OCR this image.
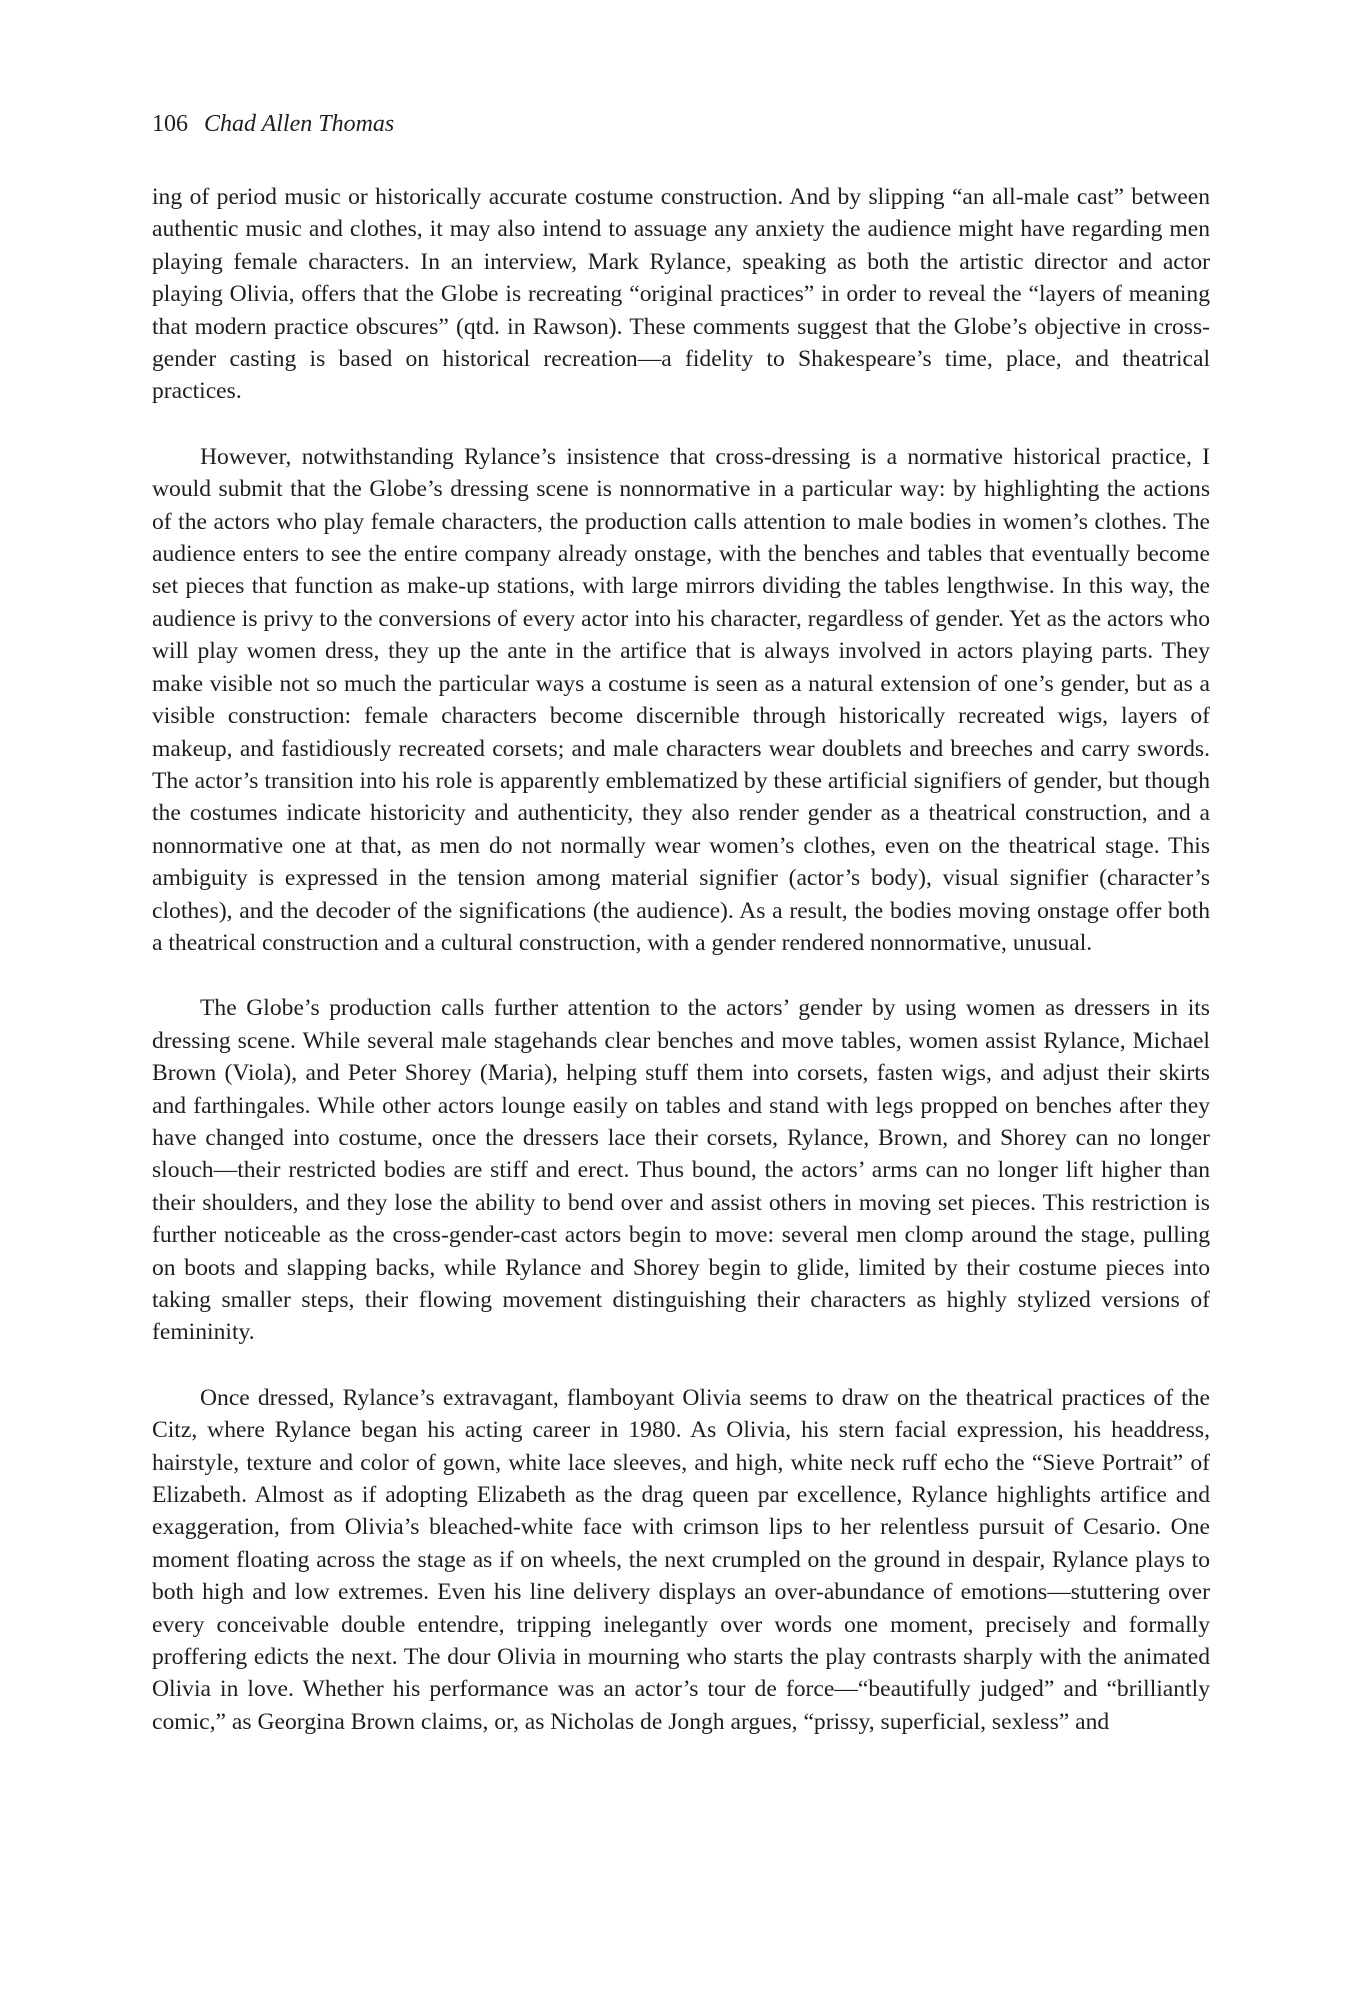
106 Chad Allen Thomas

ing of period music or historically accurate costume construction. And by slipping “an all-male cast” between authentic music and clothes, it may also intend to assuage any anxiety the audience might have regarding men playing female characters. In an interview, Mark Rylance, speaking as both the artistic director and actor playing Olivia, offers that the Globe is recreating “original practices” in order to reveal the “layers of meaning that modern practice obscures” (qtd. in Rawson). These comments suggest that the Globe’s objective in cross-gender casting is based on historical recreation—a fidelity to Shakespeare’s time, place, and theatrical practices.

However, notwithstanding Rylance’s insistence that cross-dressing is a normative historical practice, I would submit that the Globe’s dressing scene is nonnormative in a particular way: by highlighting the actions of the actors who play female characters, the production calls attention to male bodies in women’s clothes. The audience enters to see the entire company already onstage, with the benches and tables that eventually become set pieces that function as make-up stations, with large mirrors dividing the tables lengthwise. In this way, the audience is privy to the conversions of every actor into his character, regardless of gender. Yet as the actors who will play women dress, they up the ante in the artifice that is always involved in actors playing parts. They make visible not so much the particular ways a costume is seen as a natural extension of one’s gender, but as a visible construction: female characters become discernible through historically recreated wigs, layers of makeup, and fastidiously recreated corsets; and male characters wear doublets and breeches and carry swords. The actor’s transition into his role is apparently emblematized by these artificial signifiers of gender, but though the costumes indicate historicity and authenticity, they also render gender as a theatrical construction, and a nonnormative one at that, as men do not normally wear women’s clothes, even on the theatrical stage. This ambiguity is expressed in the tension among material signifier (actor’s body), visual signifier (character’s clothes), and the decoder of the significations (the audience). As a result, the bodies moving onstage offer both a theatrical construction and a cultural construction, with a gender rendered nonnormative, unusual.

The Globe’s production calls further attention to the actors’ gender by using women as dressers in its dressing scene. While several male stagehands clear benches and move tables, women assist Rylance, Michael Brown (Viola), and Peter Shorey (Maria), helping stuff them into corsets, fasten wigs, and adjust their skirts and farthingales. While other actors lounge easily on tables and stand with legs propped on benches after they have changed into costume, once the dressers lace their corsets, Rylance, Brown, and Shorey can no longer slouch—their restricted bodies are stiff and erect. Thus bound, the actors’ arms can no longer lift higher than their shoulders, and they lose the ability to bend over and assist others in moving set pieces. This restriction is further noticeable as the cross-gender-cast actors begin to move: several men clomp around the stage, pulling on boots and slapping backs, while Rylance and Shorey begin to glide, limited by their costume pieces into taking smaller steps, their flowing movement distinguishing their characters as highly stylized versions of femininity.

Once dressed, Rylance’s extravagant, flamboyant Olivia seems to draw on the theatrical practices of the Citz, where Rylance began his acting career in 1980. As Olivia, his stern facial expression, his headdress, hairstyle, texture and color of gown, white lace sleeves, and high, white neck ruff echo the “Sieve Portrait” of Elizabeth. Almost as if adopting Elizabeth as the drag queen par excellence, Rylance highlights artifice and exaggeration, from Olivia’s bleached-white face with crimson lips to her relentless pursuit of Cesario. One moment floating across the stage as if on wheels, the next crumpled on the ground in despair, Rylance plays to both high and low extremes. Even his line delivery displays an over-abundance of emotions—stuttering over every conceivable double entendre, tripping inelegantly over words one moment, precisely and formally proffering edicts the next. The dour Olivia in mourning who starts the play contrasts sharply with the animated Olivia in love. Whether his performance was an actor’s tour de force—“beautifully judged” and “brilliantly comic,” as Georgina Brown claims, or, as Nicholas de Jongh argues, “prissy, superficial, sexless” and
